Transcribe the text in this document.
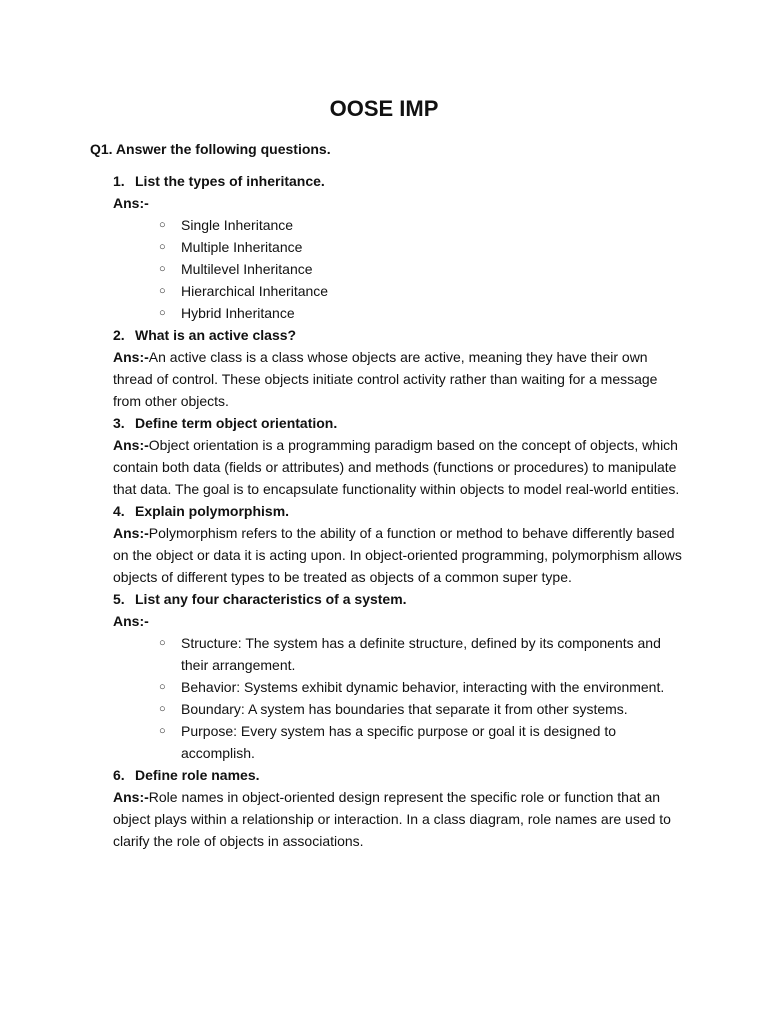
OOSE IMP

Q1. Answer the following questions.

1. List the types of inheritance.

Ans:-

○	Single Inheritance
○	Multiple Inheritance
○	Multilevel Inheritance
○	Hierarchical Inheritance
○	Hybrid Inheritance

2. What is an active class?

Ans:-An active class is a class whose objects are active, meaning they have their own thread of control. These objects initiate control activity rather than waiting for a message from other objects.

3. Define term object orientation.

Ans:-Object orientation is a programming paradigm based on the concept of objects, which contain both data (fields or attributes) and methods (functions or procedures) to manipulate that data. The goal is to encapsulate functionality within objects to model real-world entities.

4. Explain polymorphism.

Ans:-Polymorphism refers to the ability of a function or method to behave differently based on the object or data it is acting upon. In object-oriented programming, polymorphism allows objects of different types to be treated as objects of a common super type.

5. List any four characteristics of a system.

Ans:-

○	Structure: The system has a definite structure, defined by its components and their arrangement.
○	Behavior: Systems exhibit dynamic behavior, interacting with the environment.
○	Boundary: A system has boundaries that separate it from other systems.
○	Purpose: Every system has a specific purpose or goal it is designed to accomplish.

6. Define role names.

Ans:-Role names in object-oriented design represent the specific role or function that an object plays within a relationship or interaction. In a class diagram, role names are used to clarify the role of objects in associations.
